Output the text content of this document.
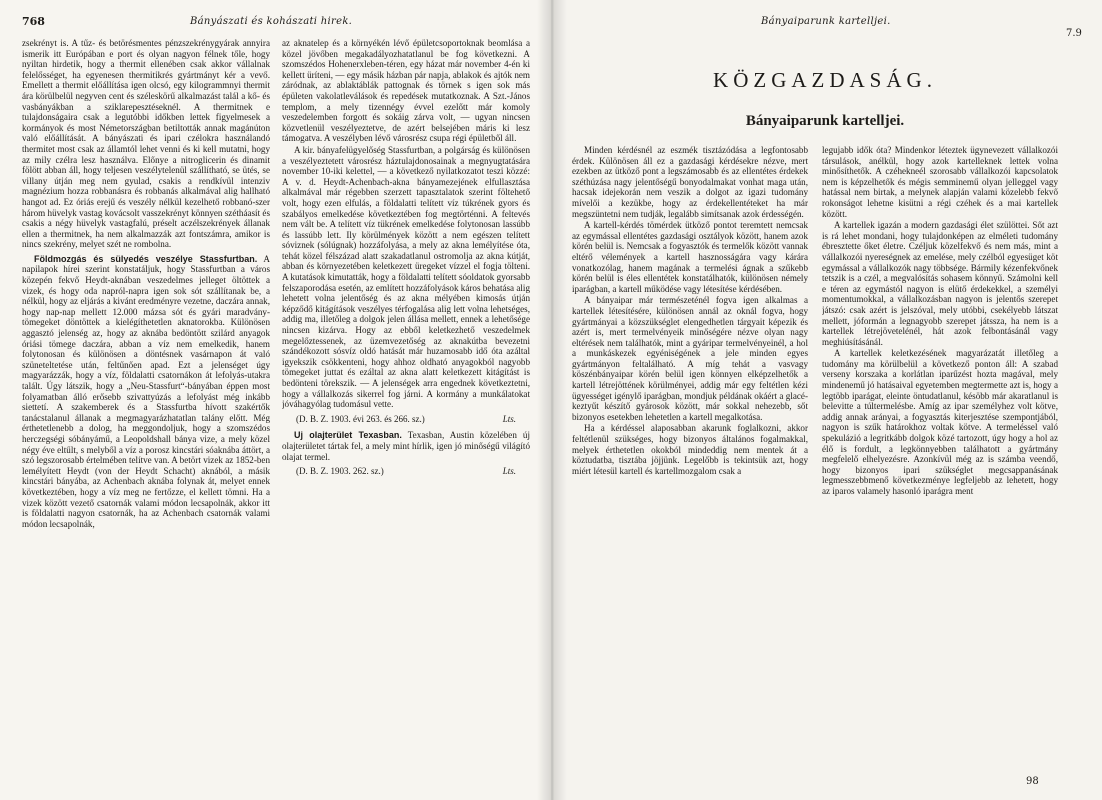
768	Bányászati és kohászati hirek.

zsekrényt is. A tűz- és betörésmentes pénzszekrénygyárak annyira ismerik itt Európában e port és olyan nagyon félnek tőle, hogy nyiltan hirdetik, hogy a thermit ellenében csak akkor vállalnak felelősséget, ha egyenesen thermitikrés gyártmányt kér a vevő. Emellett a thermit előállítása igen olcsó, egy kilogrammnyi thermit ára körülbelül negyven cent és széleskörű alkalmazást talál a kő- és vasbányákban a sziklarepesztéseknél. A thermitnek e tulajdonságaira csak a legutóbbi időkben lettek figyelmesek a kormányok és most Németországban betiltották annak magánúton való előállítását. A bányászati és ipari czélokra használandó thermitet most csak az államtól lehet venni és ki kell mutatni, hogy az mily czélra lesz használva. Előnye a nitroglicerin és dinamit fölött abban áll, hogy teljesen veszélytelenül szállítható, se ütés, se villany útján meg nem gyulad, csakis a rendkívül intenziv magnézium hozza robbanásra és robbanás alkalmával alig hallható hangot ad. Ez óriás erejű és veszély nélkül kezelhető robbanó-szer három hüvelyk vastag kovácsolt vasszekrényt könnyen szétháasít és csakis a négy hüvelyk vastagfalú, préselt aczélszekrények állanak ellen a thermitnek, ha nem alkalmazzák azt fontszámra, amikor is nincs szekrény, melyet szét ne rombolna.

Földmozgás és sülyedés veszélye Stassfurtban. A napilapok hírei szerint konstatáljuk, hogy Stassfurtban a város közepén fekvő Heydt-aknában veszedelmes jelleget öltöttek a vizek, és hogy oda napról-napra igen sok sót szállítanak be, a nélkül, hogy az eljárás a kivánt eredményre vezetne, daczára annak, hogy nap-nap mellett 12.000 mázsa sót és gyári maradvány-tömegeket döntöttek a kielégíthetetlen aknatorokba. Különösen aggasztó jelenség az, hogy az aknába bedöntött szilárd anyagok óriási tömege daczára, abban a víz nem emelkedik, hanem folytonosan és különösen a döntésnek vasárnapon át való szüneteltetése után, feltűnően apad. Ezt a jelenséget úgy magyarázzák, hogy a víz, földalatti csatornákon át lefolyás-utakra talált. Úgy látszik, hogy a „Neu-Stassfurt“-bányában éppen most folyamatban álló erősebb szivattyúzás a lefolyást még inkább siettetí. A szakemberek és a Stassfurtba hívott szakértők tanácstalanul állanak a megmagyarázhatatlan talány előtt. Még érthetetlenebb a dolog, ha meggondoljuk, hogy a szomszédos herczegségi sóbányámű, a Leopoldshall bánya vize, a mely közel négy éve eltűlt, s melyből a víz a porosz kincstári sóaknába áttört, a szó legszorosabb értelmében telítve van. A betört vizek az 1852-ben lemélyített Heydt (von der Heydt Schacht) aknából, a másik kincstári bányába, az Achenbach aknába folynak át, melyet ennek következtében, hogy a víz meg ne fertőzze, el kellett tömni. Ha a vizek között vezető csatornák valami módon lecsapolnák, akkor itt is földalatti nagyon csatornák, ha az Achenbach csatornák valami módon lecsapolnák,

az aknatelep és a környékén lévő épületcsoportoknak beomlása a közel jövőben megakadályozhatatlanul be fog következni. A szomszédos Hohenerxleben-téren, egy házat már november 4-én ki kellett üríteni, — egy másik házban pár napja, ablakok és ajtók nem záródnak, az ablaktáblák pattognak és törnek s igen sok más épületen vakolatleválások és repedések mutatkoznak. A Szt.-János templom, a mely tizennégy évvel ezelőtt már komoly veszedelemben forgott és sokáig zárva volt, — ugyan nincsen közvetlenül veszélyeztetve, de azért belsejében máris ki lesz támogatva. A veszélyben lévő városrész csupa régi épületből áll.

A kir. bányafelügyelőség Stassfurtban, a polgárság és különösen a veszélyeztetett városrész háztulajdonosainak a megnyugtatására november 10-iki kelettel, — a következő nyilatkozatot teszi közzé: A v. d. Heydt-Achenbach-akna bányamezejének elfullasztása alkalmával már régebben szerzett tapasztalatok szerint föltehető volt, hogy ezen elfulás, a földalatti telített víz túkrének gyors és szabályos emelkedése következtében fog megtörténni. A feltevés nem vált be. A telített víz tükrének emelkedése folytonosan lassúbb és lassúbb lett. Ily körülmények között a nem egészen telített sóviznek (sólúgnak) hozzáfolyása, a mely az akna lemélyítése óta, tehát közel félszázad alatt szakadatlanul ostromolja az akna kútját, abban és környezetében keletkezett üregeket vízzel el fogja tölteni. A kutatások kimutatták, hogy a földalatti telített sóoldatok gyorsabb felszaporodása esetén, az említett hozzáfolyások káros behatása alig lehetett volna jelentőség és az akna mélyében kimosás útján képződő kitágítások veszélyes térfogalása alig lett volna lehetséges, addig ma, illetőleg a dolgok jelen állása mellett, ennek a lehetősége nincsen kizárva. Hogy az ebből keletkezhető veszedelmek megelőztessenek, az üzemvezetőség az aknakútba bevezetni szándékozott sósvíz oldó hatását már huzamosabb idő óta azáltal igyekszik csökkenteni, hogy ahhoz oldható anyagokból nagyobb tömegeket juttat és ezáltal az akna alatt keletkezett kitágítást is bedönteni törekszik. — A jelenségek arra engednek következtetni, hogy a vállalkozás sikerrel fog járni. A kormány a munkálatokat jóváhagyólag tudomásul vette.

(D. B. Z. 1903. évi 263. és 266. sz.)	Lts.

Uj olajterület Texasban. Texasban, Austin közelében új olajterületet tártak fel, a mely mint hírlik, igen jó minőségű világító olajat termel.

(D. B. Z. 1903. 262. sz.)	Lts.
Bányaiparunk kartelljei.
7.9
98
KÖZGAZDASÁG.
Bányaiparunk kartelljei.

Minden kérdésnél az eszmék tisztázódása a legfontosabb érdek. Különösen áll ez a gazdasági kérdésekre nézve, mert ezekben az ütköző pont a legszámosabb és az ellentétes érdekek széthúzása nagy jelentőségű bonyodalmakat vonhat maga után, hacsak idejekorán nem veszik a dolgot az igazi tudomány mívelői a kezükbe, hogy az érdekellentéteket ha már megszüntetni nem tudják, legalább simítsanak azok érdességén.

A kartell-kérdés tömérdek ütköző pontot teremtett nemcsak az egymással ellentétes gazdasági osztályok között, hanem azok körén belül is. Nemcsak a fogyasztók és termelők között vannak eltérő vélemények a kartell hasznosságára vagy kárára vonatkozólag, hanem magának a termelési ágnak a szűkebb körén belül is éles ellentétek konstatálhatók, különösen némely iparágban, a kartell működése vagy létesítése kérdésében.

A bányaipar már természeténél fogva igen alkalmas a kartellek létesítésére, különösen annál az oknál fogva, hogy gyártmányai a közszükséglet elengedhetlen tárgyait képezik és azért is, mert termelvényeik minőségére nézve olyan nagy eltérések nem találhatók, mint a gyáripar termelvényeinél, a hol a munkáskezek egyéniségének a jele minden egyes gyártmányon feltalálható. A míg tehát a vasvagy köszénbányaipar körén belül igen könnyen elképzelhetők a kartell létrejöttének körülményei, addig már egy feltétlen kézi ügyességet igénylő iparágban, mondjuk példának okáért a glacé-keztyűt készítő gyárosok között, már sokkal nehezebb, sőt bizonyos esetekben lehetetlen a kartell megalkotása.

Ha a kérdéssel alaposabban akarunk foglalkozni, akkor feltétlenül szükséges, hogy bizonyos általános fogalmakkal, melyek érthetetlen okokból mindeddig nem mentek át a köztudatba, tisztába jöjjünk. Legelőbb is tekintsük azt, hogy miért létesül kartell és kartellmozgalom csak a

legujabb idők óta? Mindenkor léteztek ügynevezett vállalkozói társulások, anélkül, hogy azok kartelleknek lettek volna minősíthetők. A czéhekneél szorosabb vállalkozói kapcsolatok nem is képzelhetők és mégis semminemű olyan jelleggel vagy hatással nem birtak, a melynek alapján valami közelebb fekvő rokonságot lehetne kisütni a régi czéhek és a mai kartellek között.

A kartellek igazán a modern gazdasági élet szülöttei. Sőt azt is rá lehet mondani, hogy tulajdonképen az elméleti tudomány ébresztette őket életre. Czéljuk közelfekvő és nem más, mint a vállalkozói nyereségnek az emelése, mely czélból egyesüget köt egymással a vállalkozók nagy többsége. Bármily kézenfekvőnek tetszik is a czél, a megvalósítás sohasem könnyű. Számolni kell e téren az egymástól nagyon is elütő érdekekkel, a személyi momentumokkal, a vállalkozásban nagyon is jelentős szerepet játszó: csak azért is jelszóval, mely utóbbi, csekélyebb látszat mellett, jóformán a legnagyobb szerepet játssza, ha nem is a kartellek létrejövetelénél, hát azok felbontásánál vagy meghiúsításánál.

A kartellek keletkezésének magyarázatát illetőleg a tudomány ma körülbelül a következő ponton áll: A szabad verseny korszaka a korlátlan iparűzést hozta magával, mely mindenemű jó hatásaival egyetemben megtermette azt is, hogy a legtöbb iparágat, eleinte öntudatlanul, késöbb már akaratlanul is belevitte a túltermelésbe. Amíg az ipar személyhez volt kötve, addig annak arányai, a fogyasztás kiterjesztése szempontjából, nagyon is szűk határokhoz voltak kötve. A termeléssel való spekulázió a legritkább dolgok közé tartozott, úgy hogy a hol az élő is fordult, a legkönnyebben találhatott a gyártmány megfelelő elhelyezésre. Azonkívül még az is számba veendő, hogy bizonyos ipari szükséglet megcsappanásának legmesszebbmenő következménye legfeljebb az lehetett, hogy az iparos valamely hasonló iparágra ment
